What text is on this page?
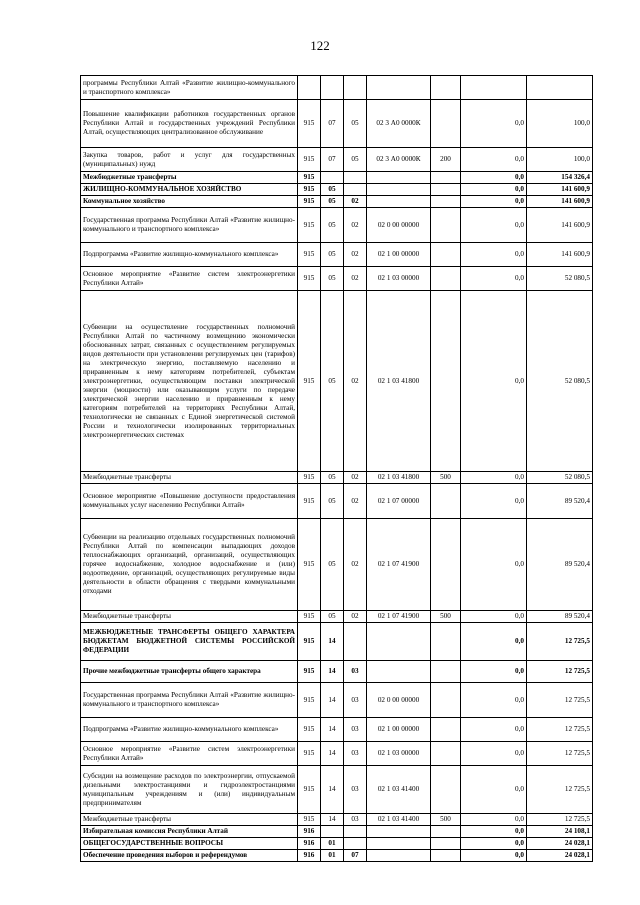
122
программы Республики Алтай «Развитие жилищно-коммунального и транспортного комплекса»							
Повышение квалификации работников государственных органов Республики Алтай и государственных учреждений Республики Алтай, осуществляющих централизованное обслуживание	915	07	05	02 3 А0 0000К		0,0	100,0
Закупка товаров, работ и услуг для государственных (муниципальных) нужд	915	07	05	02 3 А0 0000К	200	0,0	100,0
Межбюджетные трансферты	915					0,0	154 326,4
ЖИЛИЩНО-КОММУНАЛЬНОЕ ХОЗЯЙСТВО	915	05				0,0	141 600,9
Коммунальное хозяйство	915	05	02			0,0	141 600,9
Государственная программа Республики Алтай «Развитие жилищно-коммунального и транспортного комплекса»	915	05	02	02 0 00 00000		0,0	141 600,9
Подпрограмма «Развитие жилищно-коммунального комплекса»	915	05	02	02 1 00 00000		0,0	141 600,9
Основное мероприятие «Развитие систем электроэнергетики Республики Алтай»	915	05	02	02 1 03 00000		0,0	52 080,5
Субвенции на осуществление государственных полномочий Республики Алтай по частичному возмещению экономически обоснованных затрат, связанных с осуществлением регулируемых видов деятельности при установлении регулируемых цен (тарифов) на электрическую энергию, поставляемую населению и приравненным к нему категориям потребителей, субъектам электроэнергетики, осуществляющим поставки электрической энергии (мощности) или оказывающим услуги по передаче электрической энергии населению и приравненным к нему категориям потребителей на территориях Республики Алтай, технологически не связанных с Единой энергетической системой России и технологически изолированных территориальных электроэнергетических системах	915	05	02	02 1 03 41800		0,0	52 080,5
Межбюджетные трансферты	915	05	02	02 1 03 41800	500	0,0	52 080,5
Основное мероприятие «Повышение доступности предоставления коммунальных услуг населению Республики Алтай»	915	05	02	02 1 07 00000		0,0	89 520,4
Субвенции на реализацию отдельных государственных полномочий Республики Алтай по компенсации выпадающих доходов теплоснабжающих организаций, организаций, осуществляющих горячее водоснабжение, холодное водоснабжение и (или) водоотведение, организаций, осуществляющих регулируемые виды деятельности в области обращения с твердыми коммунальными отходами	915	05	02	02 1 07 41900		0,0	89 520,4
Межбюджетные трансферты	915	05	02	02 1 07 41900	500	0,0	89 520,4
МЕЖБЮДЖЕТНЫЕ ТРАНСФЕРТЫ ОБЩЕГО ХАРАКТЕРА БЮДЖЕТАМ БЮДЖЕТНОЙ СИСТЕМЫ РОССИЙСКОЙ ФЕДЕРАЦИИ	915	14				0,0	12 725,5
Прочие межбюджетные трансферты общего характера	915	14	03			0,0	12 725,5
Государственная программа Республики Алтай «Развитие жилищно-коммунального и транспортного комплекса»	915	14	03	02 0 00 00000		0,0	12 725,5
Подпрограмма «Развитие жилищно-коммунального комплекса»	915	14	03	02 1 00 00000		0,0	12 725,5
Основное мероприятие «Развитие систем электроэнергетики Республики Алтай»	915	14	03	02 1 03 00000		0,0	12 725,5
Субсидии на возмещение расходов по электроэнергии, отпускаемой дизельными электростанциями и гидроэлектростанциями муниципальным учреждениям и (или) индивидуальным предпринимателям	915	14	03	02 1 03 41400		0,0	12 725,5
Межбюджетные трансферты	915	14	03	02 1 03 41400	500	0,0	12 725,5
Избирательная комиссия Республики Алтай	916					0,0	24 108,1
ОБЩЕГОСУДАРСТВЕННЫЕ ВОПРОСЫ	916	01				0,0	24 028,1
Обеспечение проведения выборов и референдумов	916	01	07			0,0	24 028,1
